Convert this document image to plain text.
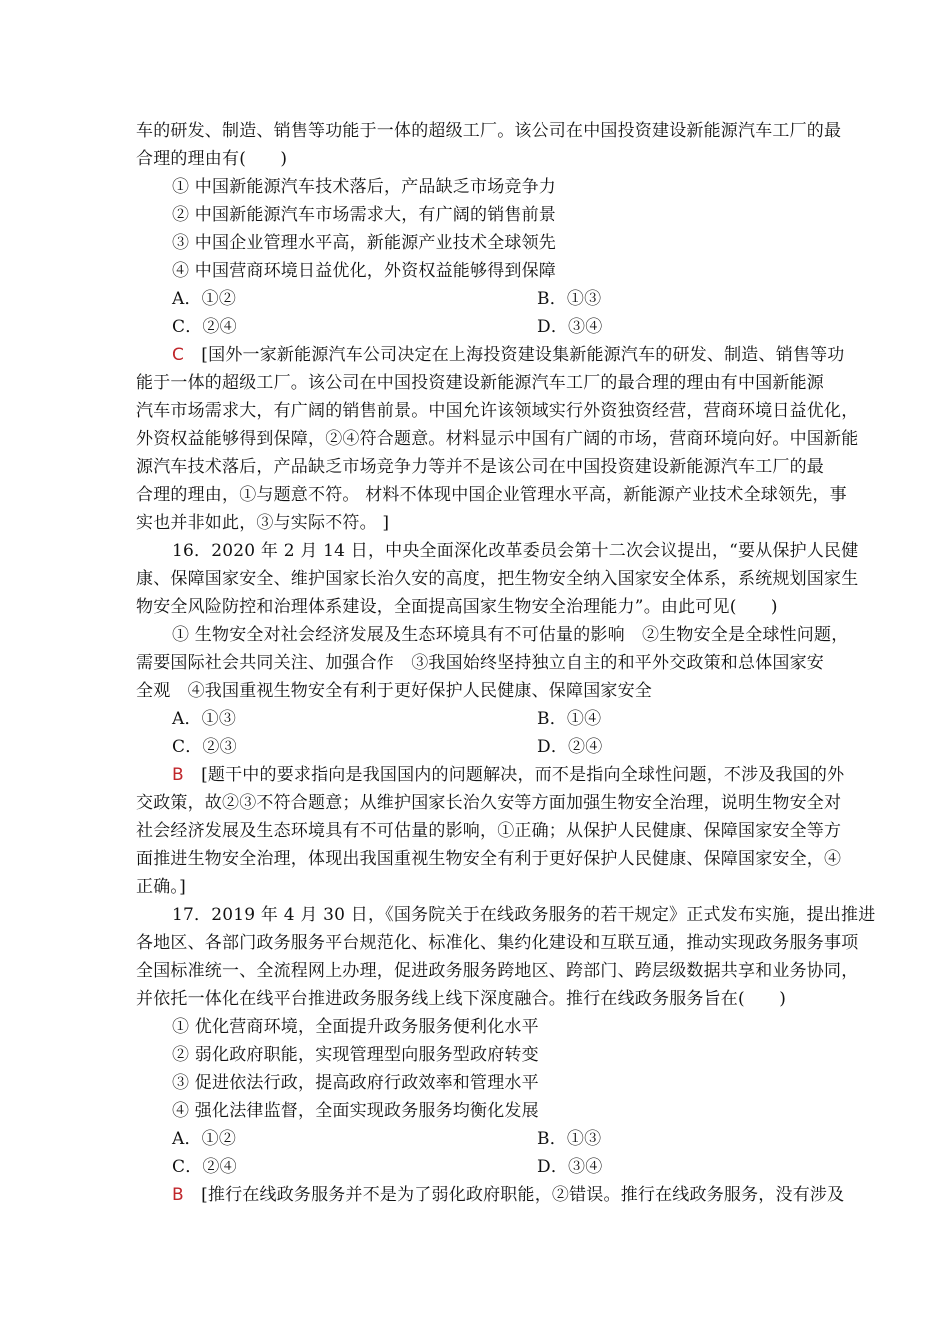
车的研发、制造、销售等功能于一体的超级工厂。该公司在中国投资建设新能源汽车工厂的最
合理的理由有(　　)
① 中国新能源汽车技术落后，产品缺乏市场竞争力
② 中国新能源汽车市场需求大，有广阔的销售前景
③ 中国企业管理水平高，新能源产业技术全球领先
④ 中国营商环境日益优化，外资权益能够得到保障
A．①②	B．①③
C．②④	D．③④
C　 [国外一家新能源汽车公司决定在上海投资建设集新能源汽车的研发、制造、销售等功
能于一体的超级工厂。该公司在中国投资建设新能源汽车工厂的最合理的理由有中国新能源
汽车市场需求大，有广阔的销售前景。中国允许该领域实行外资独资经营，营商环境日益优化，
外资权益能够得到保障，②④符合题意。材料显示中国有广阔的市场，营商环境向好。中国新能
源汽车技术落后，产品缺乏市场竞争力等并不是该公司在中国投资建设新能源汽车工厂的最
合理的理由，①与题意不符。 材料不体现中国企业管理水平高，新能源产业技术全球领先，事
实也并非如此，③与实际不符。 ]
16．2020 年 2 月 14 日，中央全面深化改革委员会第十二次会议提出，“要从保护人民健
康、保障国家安全、维护国家长治久安的高度，把生物安全纳入国家安全体系，系统规划国家生
物安全风险防控和治理体系建设，全面提高国家生物安全治理能力”。由此可见(　　)
① 生物安全对社会经济发展及生态环境具有不可估量的影响　②生物安全是全球性问题，
需要国际社会共同关注、加强合作　③我国始终坚持独立自主的和平外交政策和总体国家安
全观　④我国重视生物安全有利于更好保护人民健康、保障国家安全
A．①③	B．①④
C．②③	D．②④
B　 [题干中的要求指向是我国国内的问题解决，而不是指向全球性问题，不涉及我国的外
交政策，故②③不符合题意；从维护国家长治久安等方面加强生物安全治理，说明生物安全对
社会经济发展及生态环境具有不可估量的影响，①正确；从保护人民健康、保障国家安全等方
面推进生物安全治理，体现出我国重视生物安全有利于更好保护人民健康、保障国家安全，④
正确。]
17．2019 年 4 月 30 日，《国务院关于在线政务服务的若干规定》正式发布实施，提出推进
各地区、各部门政务服务平台规范化、标准化、集约化建设和互联互通，推动实现政务服务事项
全国标准统一、全流程网上办理，促进政务服务跨地区、跨部门、跨层级数据共享和业务协同，
并依托一体化在线平台推进政务服务线上线下深度融合。推行在线政务服务旨在(　　)
① 优化营商环境，全面提升政务服务便利化水平
② 弱化政府职能，实现管理型向服务型政府转变
③ 促进依法行政，提高政府行政效率和管理水平
④ 强化法律监督，全面实现政务服务均衡化发展
A．①②	B．①③
C．②④	D．③④
B　 [推行在线政务服务并不是为了弱化政府职能，②错误。推行在线政务服务，没有涉及
